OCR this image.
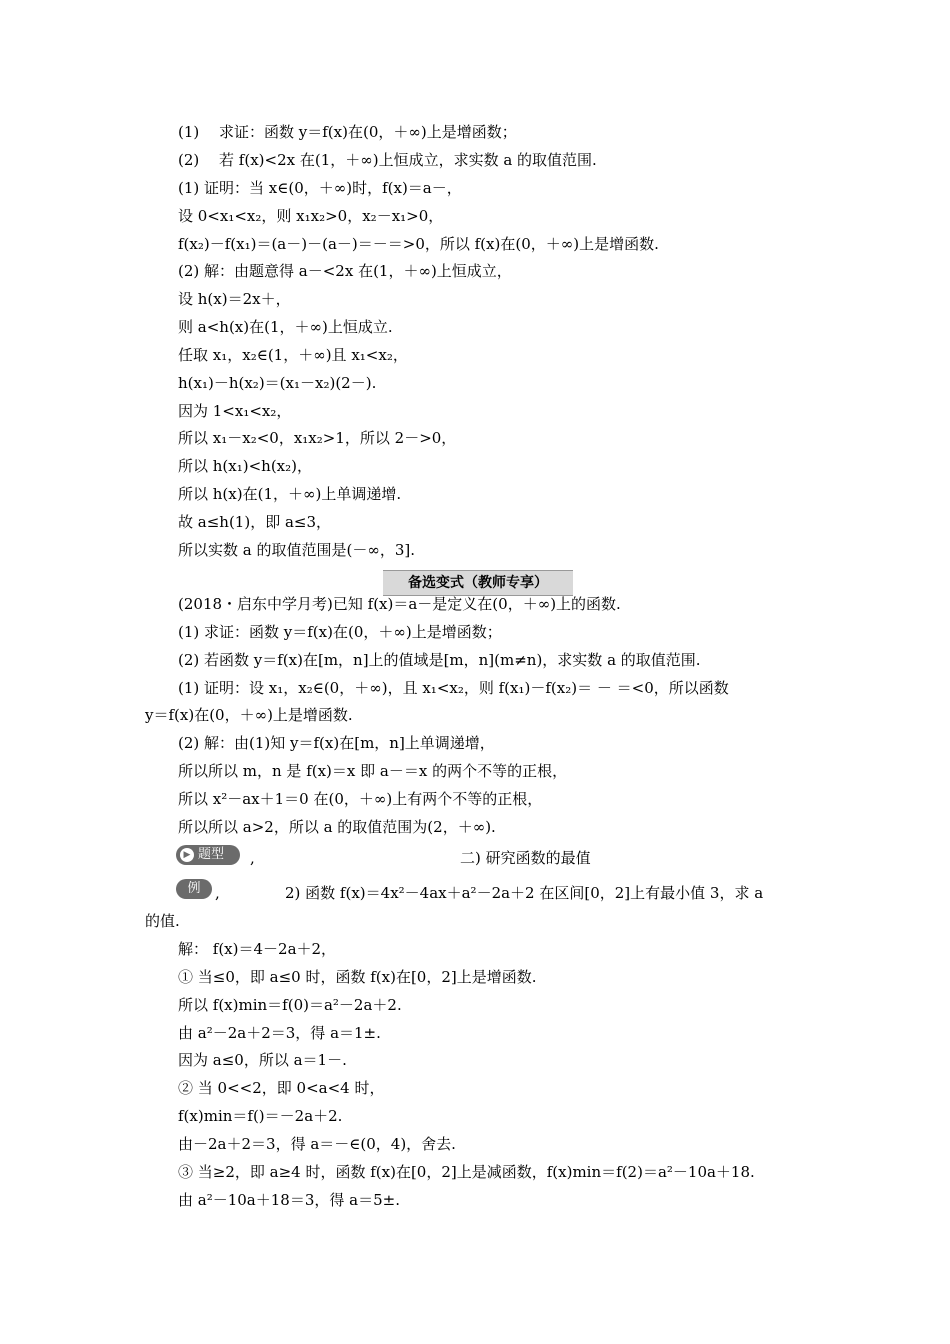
(1)　 求证：函数 y＝f(x)在(0，＋∞)上是增函数；
(2)　 若 f(x)<2x 在(1，＋∞)上恒成立，求实数 a 的取值范围.
(1) 证明：当 x∈(0，＋∞)时，f(x)＝a－，
设 0<x₁<x₂，则 x₁x₂>0，x₂－x₁>0，
f(x₂)－f(x₁)＝(a－)－(a－)＝－＝>0，所以 f(x)在(0，＋∞)上是增函数.
(2) 解：由题意得 a－<2x 在(1，＋∞)上恒成立，
设 h(x)＝2x＋，
则 a<h(x)在(1，＋∞)上恒成立.
任取 x₁，x₂∈(1，＋∞)且 x₁<x₂，
h(x₁)－h(x₂)＝(x₁－x₂)(2－).
因为 1<x₁<x₂，
所以 x₁－x₂<0，x₁x₂>1，所以 2－>0，
所以 h(x₁)<h(x₂)，
所以 h(x)在(1，＋∞)上单调递增.
故 a≤h(1)，即 a≤3，
所以实数 a 的取值范围是(－∞，3].
备选变式（教师专享）
(2018・启东中学月考)已知 f(x)＝a－是定义在(0，＋∞)上的函数.
(1) 求证：函数 y＝f(x)在(0，＋∞)上是增函数；
(2) 若函数 y＝f(x)在[m，n]上的值域是[m，n](m≠n)，求实数 a 的取值范围.
(1) 证明：设 x₁，x₂∈(0，＋∞)，且 x₁<x₂，则 f(x₁)－f(x₂)＝ － ＝<0，所以函数
y＝f(x)在(0，＋∞)上是增函数.
(2) 解：由(1)知 y＝f(x)在[m，n]上单调递增，
所以所以 m，n 是 f(x)＝x 即 a－＝x 的两个不等的正根，
所以 x²－ax＋1＝0 在(0，＋∞)上有两个不等的正根，
所以所以 a>2，所以 a 的取值范围为(2，＋∞).
▶ 题型 ,	二) 研究函数的最值
例 ,	2) 函数 f(x)＝4x²－4ax＋a²－2a＋2 在区间[0，2]上有最小值 3，求 a
的值.
解： f(x)＝4－2a＋2，
① 当≤0，即 a≤0 时，函数 f(x)在[0，2]上是增函数.
所以 f(x)min＝f(0)＝a²－2a＋2.
由 a²－2a＋2＝3，得 a＝1±.
因为 a≤0，所以 a＝1－.
② 当 0<<2，即 0<a<4 时，
f(x)min＝f()＝－2a＋2.
由－2a＋2＝3，得 a＝－∈(0，4)，舍去.
③ 当≥2，即 a≥4 时，函数 f(x)在[0，2]上是减函数，f(x)min＝f(2)＝a²－10a＋18.
由 a²－10a＋18＝3，得 a＝5±.
